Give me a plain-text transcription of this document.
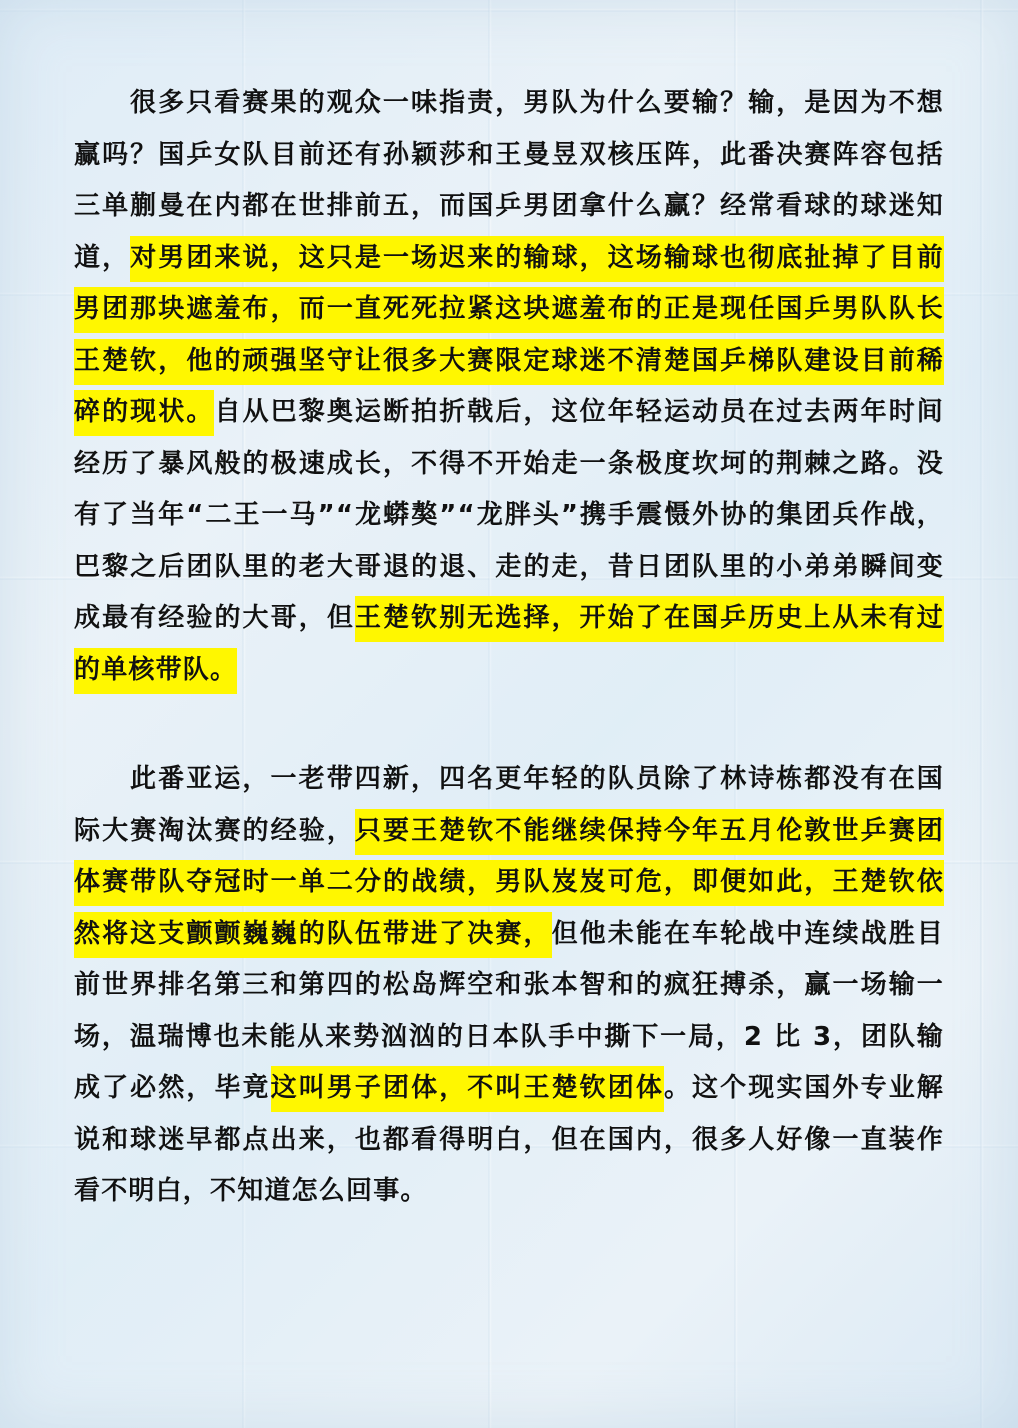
很多只看赛果的观众一味指责，男队为什么要输？输，是因为不想赢吗？国乒女队目前还有孙颖莎和王曼昱双核压阵，此番决赛阵容包括三单蒯曼在内都在世排前五，而国乒男团拿什么赢？经常看球的球迷知道，对男团来说，这只是一场迟来的输球，这场输球也彻底扯掉了目前男团那块遮羞布，而一直死死拉紧这块遮羞布的正是现任国乒男队队长王楚钦，他的顽强坚守让很多大赛限定球迷不清楚国乒梯队建设目前稀碎的现状。自从巴黎奥运断拍折戟后，这位年轻运动员在过去两年时间经历了暴风般的极速成长，不得不开始走一条极度坎坷的荆棘之路。没有了当年“二王一马”“龙蟒獒”“龙胖头”携手震慑外协的集团兵作战，巴黎之后团队里的老大哥退的退、走的走，昔日团队里的小弟弟瞬间变成最有经验的大哥，但王楚钦别无选择，开始了在国乒历史上从未有过的单核带队。

此番亚运，一老带四新，四名更年轻的队员除了林诗栋都没有在国际大赛淘汰赛的经验，只要王楚钦不能继续保持今年五月伦敦世乒赛团体赛带队夺冠时一单二分的战绩，男队岌岌可危，即便如此，王楚钦依然将这支颤颤巍巍的队伍带进了决赛，但他未能在车轮战中连续战胜目前世界排名第三和第四的松岛辉空和张本智和的疯狂搏杀，赢一场输一场，温瑞博也未能从来势汹汹的日本队手中撕下一局，2 比 3，团队输成了必然，毕竟这叫男子团体，不叫王楚钦团体。这个现实国外专业解说和球迷早都点出来，也都看得明白，但在国内，很多人好像一直装作看不明白，不知道怎么回事。
